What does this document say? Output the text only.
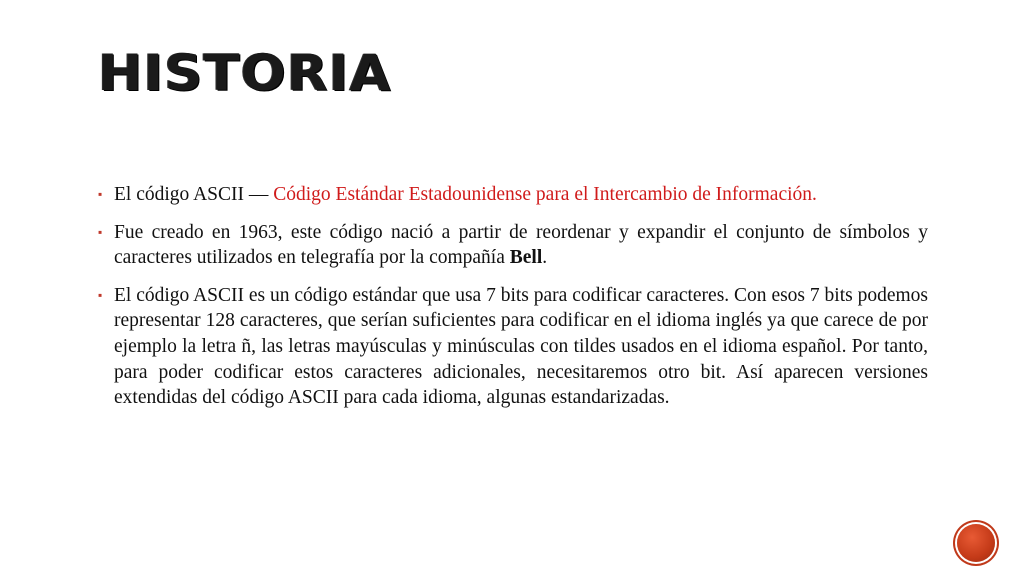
HISTORIA
▪ El código ASCII — Código Estándar Estadounidense para el Intercambio de Información.
▪ Fue creado en 1963, este código nació a partir de reordenar y expandir el conjunto de símbolos y caracteres utilizados en telegrafía por la compañía Bell.
▪ El código ASCII es un código estándar que usa 7 bits para codificar caracteres. Con esos 7 bits podemos representar 128 caracteres, que serían suficientes para codificar en el idioma inglés ya que carece de por ejemplo la letra ñ, las letras mayúsculas y minúsculas con tildes usados en el idioma español. Por tanto, para poder codificar estos caracteres adicionales, necesitaremos otro bit. Así aparecen versiones extendidas del código ASCII para cada idioma, algunas estandarizadas.
